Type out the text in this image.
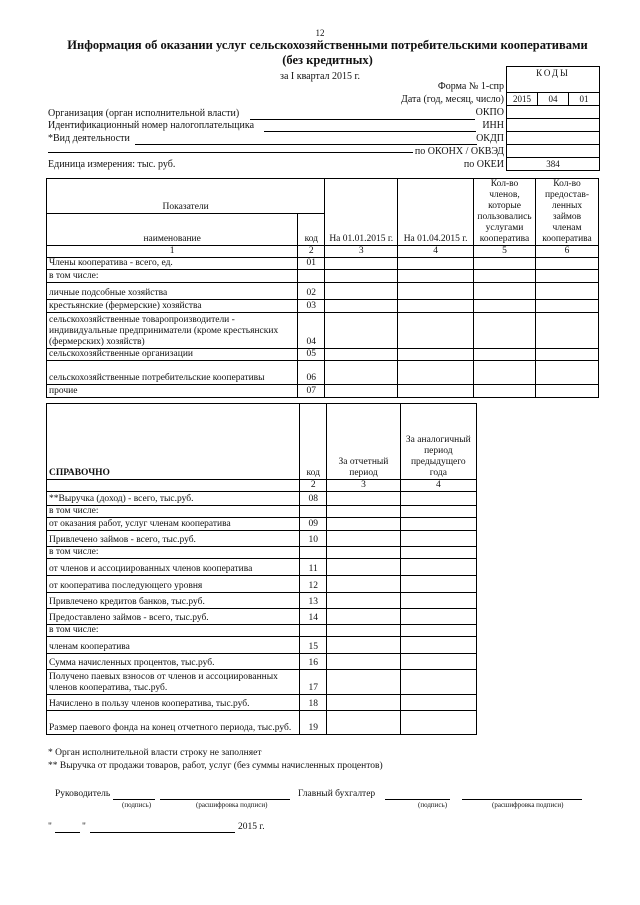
12
Информация об оказании услуг сельскохозяйственными потребительскими кооперативами
(без кредитных)
за I квартал 2015 г.	КОДЫ
2015	04	01
384
Форма № 1-спр
Дата (год, месяц, число)
Организация (орган исполнительной власти)	ОКПО
Идентификационный номер налогоплательщика	ИНН
*Вид деятельности	ОКДП
по ОКОНХ / ОКВЭД
Единица измерения: тыс. руб.	по ОКЕИ
Показатели		На 01.01.2015 г.	На 01.04.2015 г.	Кол-во членов, которые пользовались услугами кооператива	Кол-во предостав-ленных займов членам кооператива
наименование	код				
1	2	3	4	5	6
Члены кооператива - всего, ед.	01				
в том числе:					
личные подсобные хозяйства	02				
крестьянские (фермерские) хозяйства	03				
сельскохозяйственные товаропроизводители - индивидуальные предприниматели (кроме крестьянских (фермерских) хозяйств)	04				
сельскохозяйственные организации	05				
сельскохозяйственные потребительские кооперативы	06				
прочие	07				
СПРАВОЧНО	код	За отчетный период	За аналогичный период предыдущего года
	2	3	4
**Выручка (доход) - всего, тыс.руб.	08		
в том числе:			
от оказания работ, услуг членам кооператива	09		
Привлечено займов - всего, тыс.руб.	10		
в том числе:			
от членов и ассоциированных членов кооператива	11		
от кооператива последующего уровня	12		
Привлечено кредитов банков, тыс.руб.	13		
Предоставлено займов - всего, тыс.руб.	14		
в том числе:			
членам кооператива	15		
Сумма начисленных процентов, тыс.руб.	16		
Получено паевых взносов от членов и ассоциированных членов кооператива, тыс.руб.	17		
Начислено в пользу членов кооператива, тыс.руб.	18		
Размер паевого фонда на конец отчетного периода, тыс.руб.	19		
* Орган исполнительной власти строку не заполняет
** Выручка от продажи товаров, работ, услуг (без суммы начисленных процентов)
Руководитель
(подпись)	(расшифровка подписи)
Главный бухгалтер
(подпись)	(расшифровка подписи)
"	"	2015 г.
